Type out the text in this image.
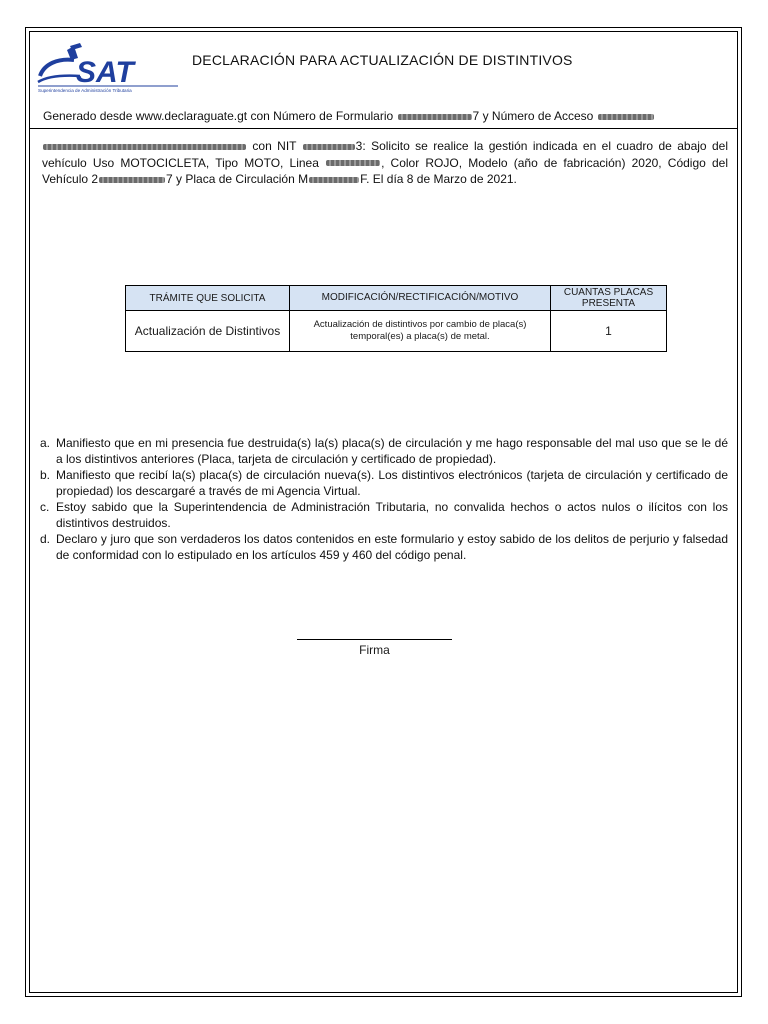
SAT
Superintendencia de Administración Tributaria
DECLARACIÓN PARA ACTUALIZACIÓN DE DISTINTIVOS
Generado desde www.declaraguate.gt con Número de Formulario	7 y Número de Acceso
con NIT	3: Solicito se realice la gestión indicada en el cuadro de abajo del vehículo Uso MOTOCICLETA, Tipo MOTO, Linea	, Color ROJO, Modelo (año de fabricación) 2020, Código del Vehículo 2	7 y Placa de Circulación M	F. El día 8 de Marzo de 2021.
TRÁMITE QUE SOLICITA	MODIFICACIÓN/RECTIFICACIÓN/MOTIVO	CUANTAS PLACAS PRESENTA
Actualización de Distintivos	Actualización de distintivos por cambio de placa(s) temporal(es) a placa(s) de metal.	1
a. Manifiesto que en mi presencia fue destruida(s) la(s) placa(s) de circulación y me hago responsable del mal uso que se le dé a los distintivos anteriores (Placa, tarjeta de circulación y certificado de propiedad).
b. Manifiesto que recibí la(s) placa(s) de circulación nueva(s). Los distintivos electrónicos (tarjeta de circulación y certificado de propiedad) los descargaré a través de mi Agencia Virtual.
c. Estoy sabido que la Superintendencia de Administración Tributaria, no convalida hechos o actos nulos o ilícitos con los distintivos destruidos.
d. Declaro y juro que son verdaderos los datos contenidos en este formulario y estoy sabido de los delitos de perjurio y falsedad de conformidad con lo estipulado en los artículos 459 y 460 del código penal.
Firma
